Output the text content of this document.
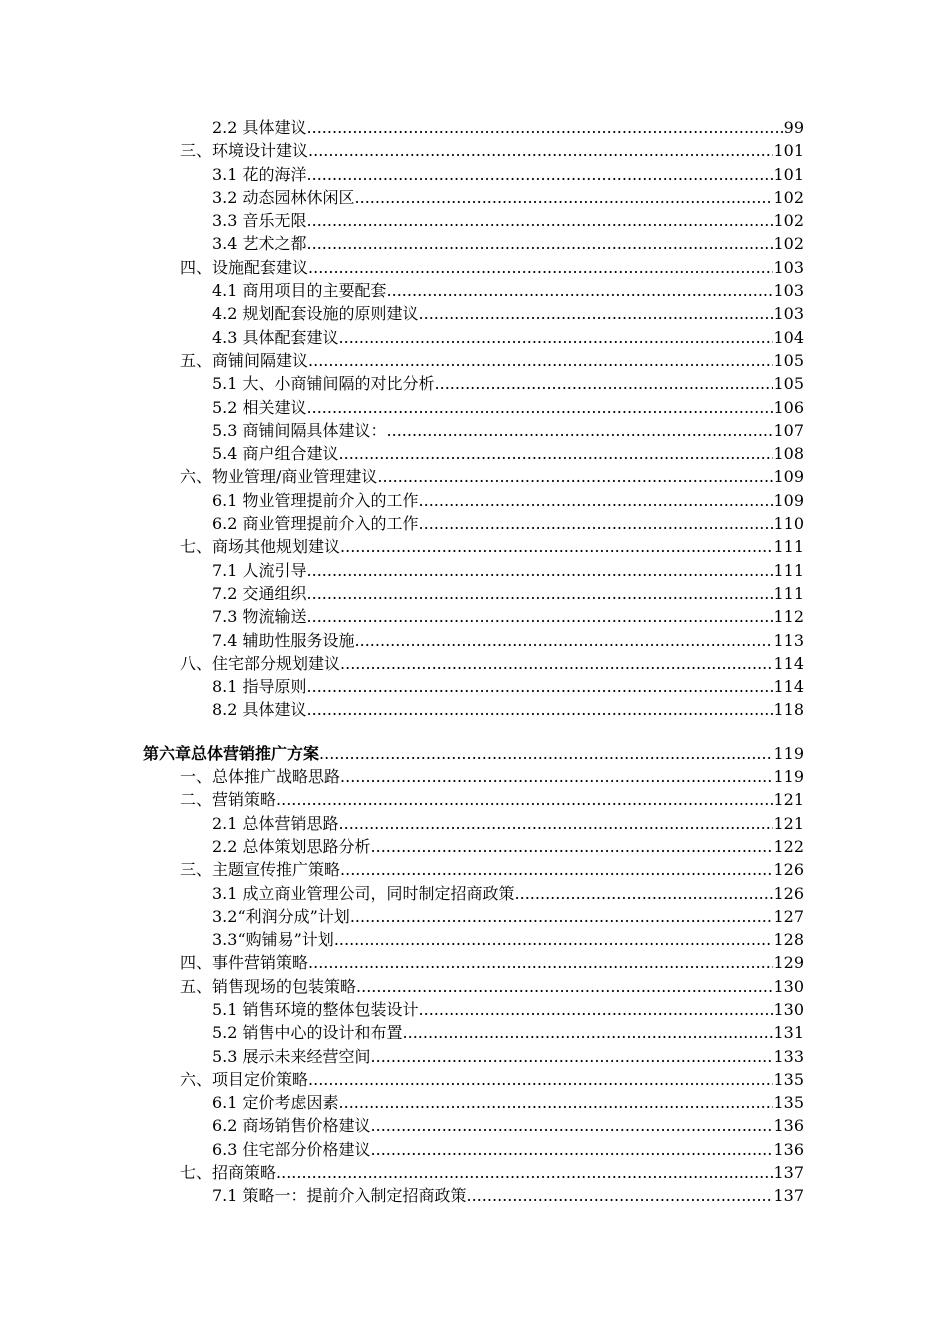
2.2 具体建议 .....	99
三、环境设计建议 .....	101
3.1 花的海洋 .....	101
3.2 动态园林休闲区 .....	102
3.3 音乐无限 .....	102
3.4 艺术之都 .....	102
四、设施配套建议 .....	103
4.1 商用项目的主要配套 .....	103
4.2 规划配套设施的原则建议 .....	103
4.3 具体配套建议 .....	104
五、商铺间隔建议 .....	105
5.1 大、小商铺间隔的对比分析 .....	105
5.2 相关建议 .....	106
5.3 商铺间隔具体建议： .....	107
5.4 商户组合建议 .....	108
六、物业管理/商业管理建议 .....	109
6.1 物业管理提前介入的工作 .....	109
6.2 商业管理提前介入的工作 .....	110
七、商场其他规划建议 .....	111
7.1 人流引导 .....	111
7.2 交通组织 .....	111
7.3 物流输送 .....	112
7.4 辅助性服务设施 .....	113
八、住宅部分规划建议 .....	114
8.1 指导原则 .....	114
8.2 具体建议 .....	118
第六章总体营销推广方案 .....	119
一、总体推广战略思路 .....	119
二、营销策略 .....	121
2.1 总体营销思路 .....	121
2.2 总体策划思路分析 .....	122
三、主题宣传推广策略 .....	126
3.1 成立商业管理公司，同时制定招商政策 .....	126
3.2“利润分成”计划 .....	127
3.3“购铺易”计划 .....	128
四、事件营销策略 .....	129
五、销售现场的包装策略 .....	130
5.1 销售环境的整体包装设计 .....	130
5.2 销售中心的设计和布置 .....	131
5.3 展示未来经营空间 .....	133
六、项目定价策略 .....	135
6.1 定价考虑因素 .....	135
6.2 商场销售价格建议 .....	136
6.3 住宅部分价格建议 .....	136
七、招商策略 .....	137
7.1 策略一：提前介入制定招商政策 .....	137
